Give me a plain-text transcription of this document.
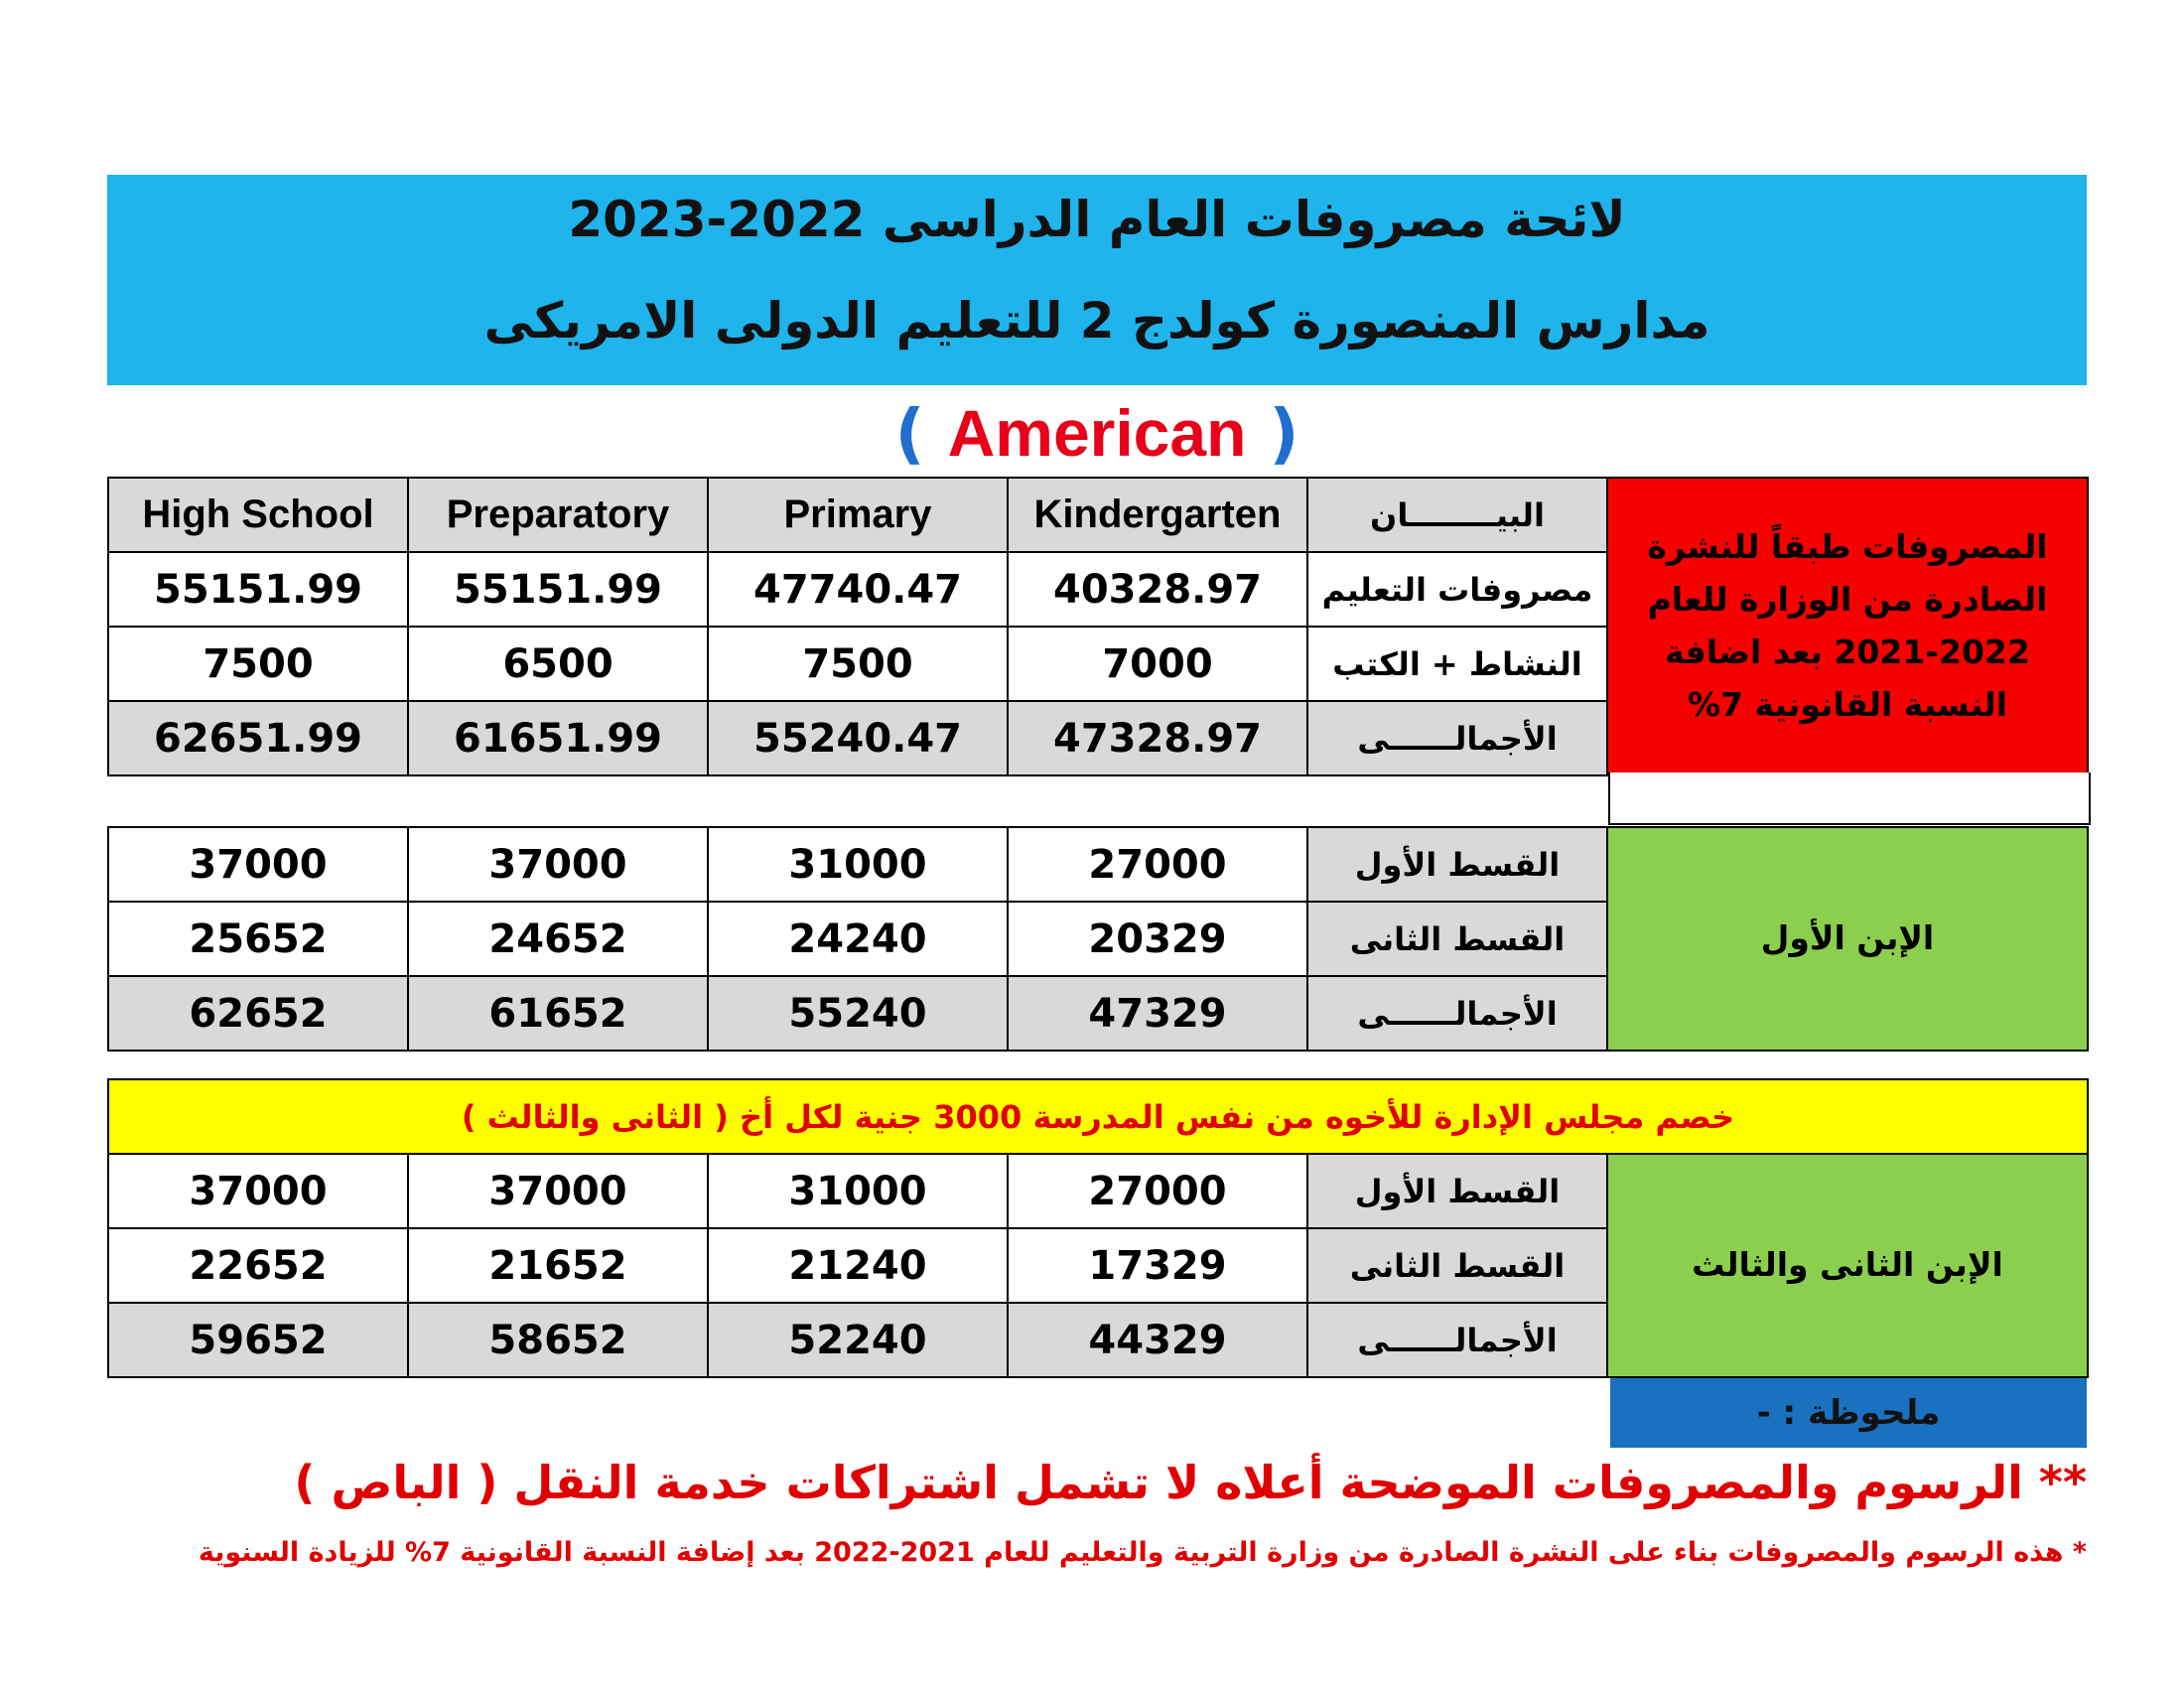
لائحة مصروفات العام الدراسى 2022-2023
مدارس المنصورة كولدج 2 للتعليم الدولى الامريكى
( American )
High School	Preparatory	Primary	Kindergarten	البيــــــــان	المصروفات طبقاً للنشرة الصادرة من الوزارة للعام 2022-2021 بعد اضافة النسبة القانونية 7%
55151.99	55151.99	47740.47	40328.97	مصروفات التعليم	
7500	6500	7500	7000	النشاط + الكتب	
62651.99	61651.99	55240.47	47328.97	الأجمالــــــى	
37000	37000	31000	27000	القسط الأول	الإبن الأول
25652	24652	24240	20329	القسط الثانى	
62652	61652	55240	47329	الأجمالــــــى	
خصم مجلس الإدارة للأخوه من نفس المدرسة 3000 جنية لكل أخ ( الثانى والثالث )					
37000	37000	31000	27000	القسط الأول	الإبن الثانى والثالث
22652	21652	21240	17329	القسط الثانى	
59652	58652	52240	44329	الأجمالــــــى	
ملحوظة : -
** الرسوم والمصروفات الموضحة أعلاه لا تشمل اشتراكات خدمة النقل ( الباص )
* هذه الرسوم والمصروفات بناء على النشرة الصادرة من وزارة التربية والتعليم للعام 2021-2022 بعد إضافة النسبة القانونية 7% للزيادة السنوية
